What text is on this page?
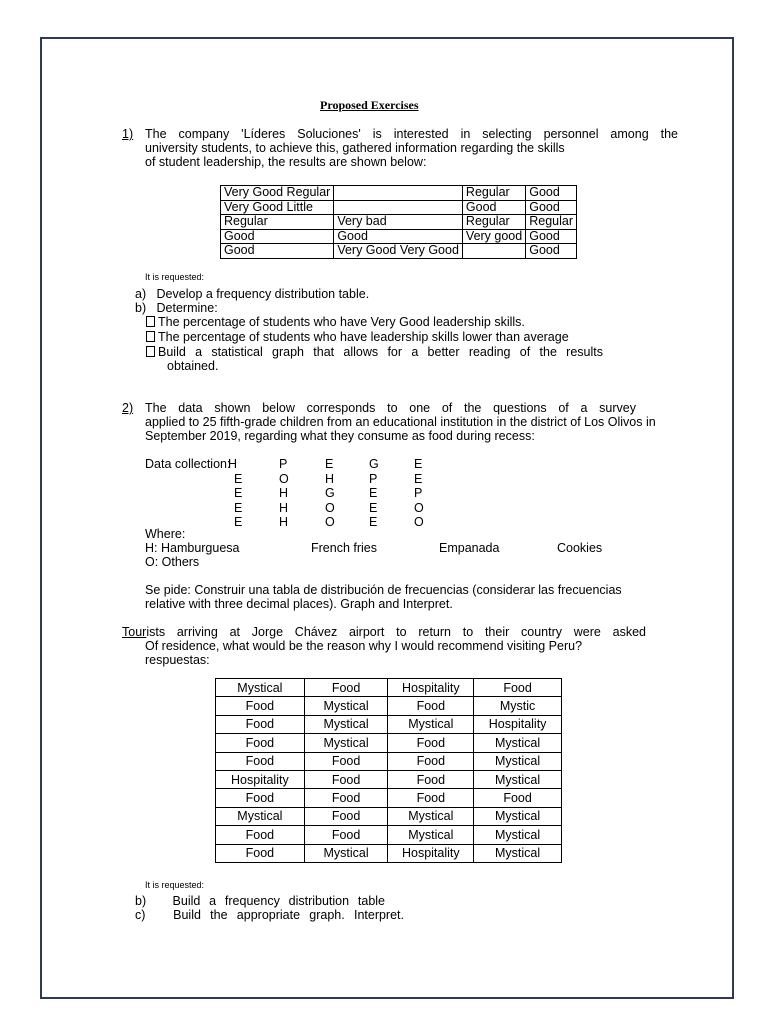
Proposed Exercises
1) The company 'Líderes Soluciones' is interested in selecting personnel among the
university students, to achieve this, gathered information regarding the skills
of student leadership, the results are shown below:
Very Good Regular		Regular	Good
Very Good Little		Good	Good
Regular	Very bad	Regular	Regular
Good	Good	Very good	Good
Good	Very Good Very Good		Good
It is requested:
a)   Develop a frequency distribution table.
b)   Determine:
The percentage of students who have Very Good leadership skills.
The percentage of students who have leadership skills lower than average
Build a statistical graph that allows for a better reading of the results
obtained.
2) The data shown below corresponds to one of the questions of a survey
applied to 25 fifth-grade children from an educational institution in the district of Los Olivos in
September 2019, regarding what they consume as food during recess:
Data collection:
H	P	E	G	E
E	O	H	P	E
E	H	G	E	P
E	H	O	E	O
E	H	O	E	O
Where:
H: Hamburguesa	French fries	Empanada	Cookies
O: Others
Se pide: Construir una tabla de distribución de frecuencias (considerar las frecuencias
relative with three decimal places). Graph and Interpret.
Tour ists arriving at Jorge Chávez airport to return to their country were asked
Of residence, what would be the reason why I would recommend visiting Peru?
respuestas:
Mystical	Food	Hospitality	Food
Food	Mystical	Food	Mystic
Food	Mystical	Mystical	Hospitality
Food	Mystical	Food	Mystical
Food	Food	Food	Mystical
Hospitality	Food	Food	Mystical
Food	Food	Food	Food
Mystical	Food	Mystical	Mystical
Food	Food	Mystical	Mystical
Food	Mystical	Hospitality	Mystical
It is requested:
b)   Build a frequency distribution table
c)   Build the appropriate graph. Interpret.
